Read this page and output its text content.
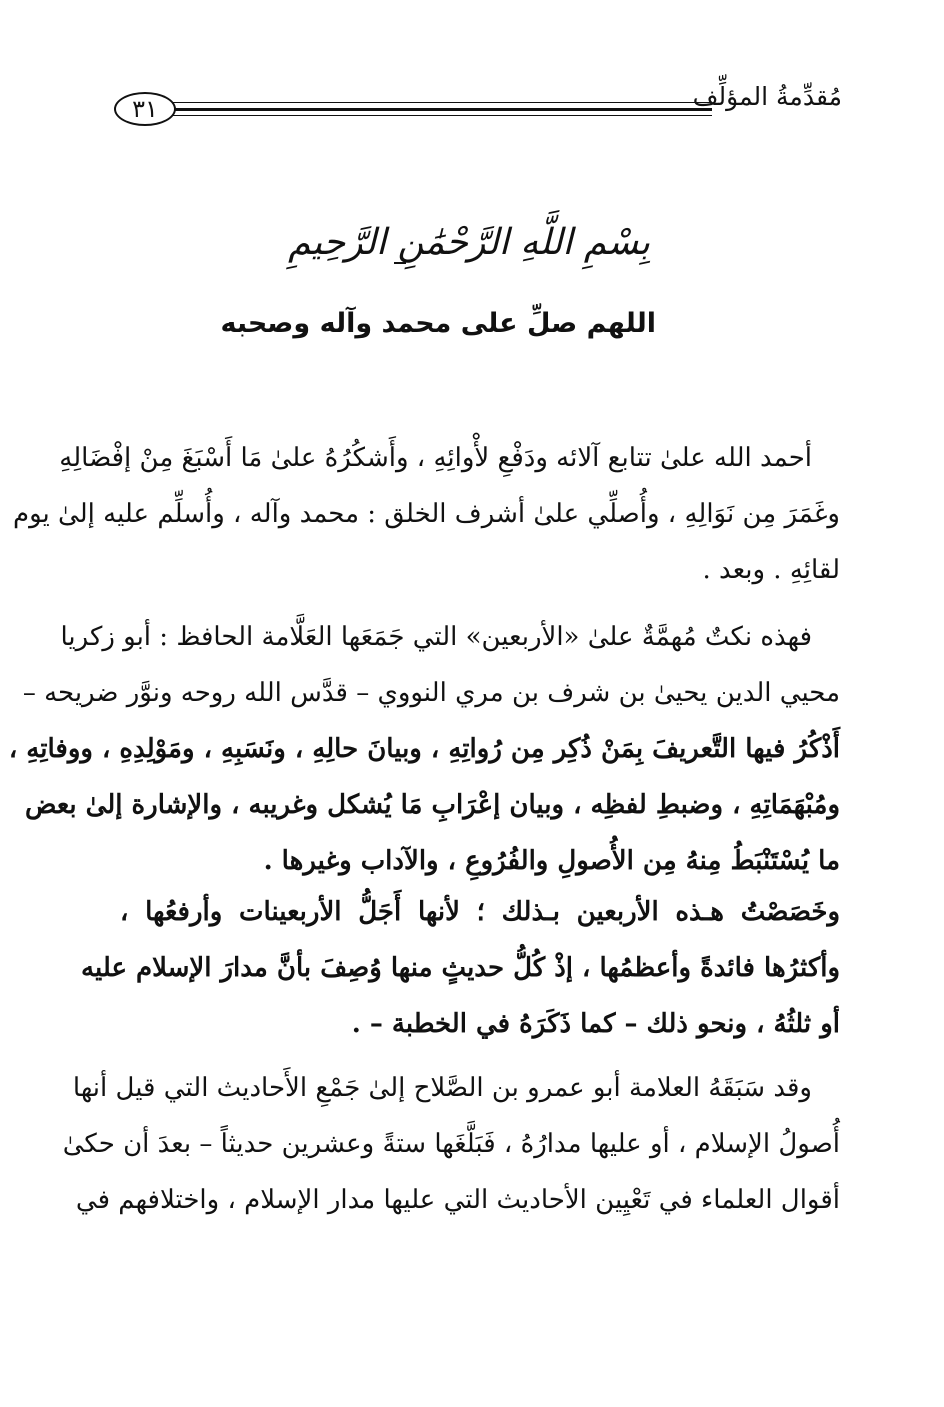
٣١	مُقدِّمةُ المؤلِّف
بِسْمِ اللَّهِ الرَّحْمَٰنِ الرَّحِيمِ
اللهم صلِّ على محمد وآله وصحبه
أحمد الله علىٰ تتابع آلائه ودَفْعِ لأْوائِهِ ، وأَشكُرُهُ علىٰ مَا أَسْبَغَ مِنْ إفْضَالِهِ
وغَمَرَ مِن نَوَالِهِ ، وأُصلِّي علىٰ أشرف الخلق : محمد وآله ، وأُسلِّم عليه إلىٰ يوم
لقائِهِ . وبعد .
فهذه نكتٌ مُهمَّةٌ علىٰ «الأربعين» التي جَمَعَها العَلَّامة الحافظ : أبو زكريا
محيي الدين يحيىٰ بن شرف بن مري النووي – قدَّس الله روحه ونوَّر ضريحه –
أَذْكُرُ فيها التَّعريفَ بِمَنْ ذُكِر مِن رُواتِهِ ، وبيانَ حالِهِ ، ونَسَبِهِ ، ومَوْلِدِهِ ، ووفاتِهِ ،
ومُبْهَمَاتِهِ ، وضبطِ لفظِه ، وبيان إعْرَابِ مَا يُشكل وغريبه ، والإشارة إلىٰ بعض
ما يُسْتَنْبَطُ مِنهُ مِن الأُصولِ والفُرُوعِ ، والآداب وغيرها .
وخَصَصْتُ هـذه الأربعين بـذلك ؛ لأنها أَجَلُّ الأربعينات وأرفعُها ،
وأكثرُها فائدةً وأعظمُها ، إذْ كُلُّ حديثٍ منها وُصِفَ بأنَّ مدارَ الإسلام عليه
أو ثلثُهُ ، ونحو ذلك – كما ذَكَرَهُ في الخطبة – .
وقد سَبَقَهُ العلامة أبو عمرو بن الصَّلاح إلىٰ جَمْعِ الأَحاديث التي قيل أنها
أُصولُ الإسلام ، أو عليها مدارُهُ ، فَبَلَّغَها ستةً وعشرين حديثاً – بعدَ أن حكىٰ
أقوال العلماء في تَعْيِين الأحاديث التي عليها مدار الإسلام ، واختلافهم في
